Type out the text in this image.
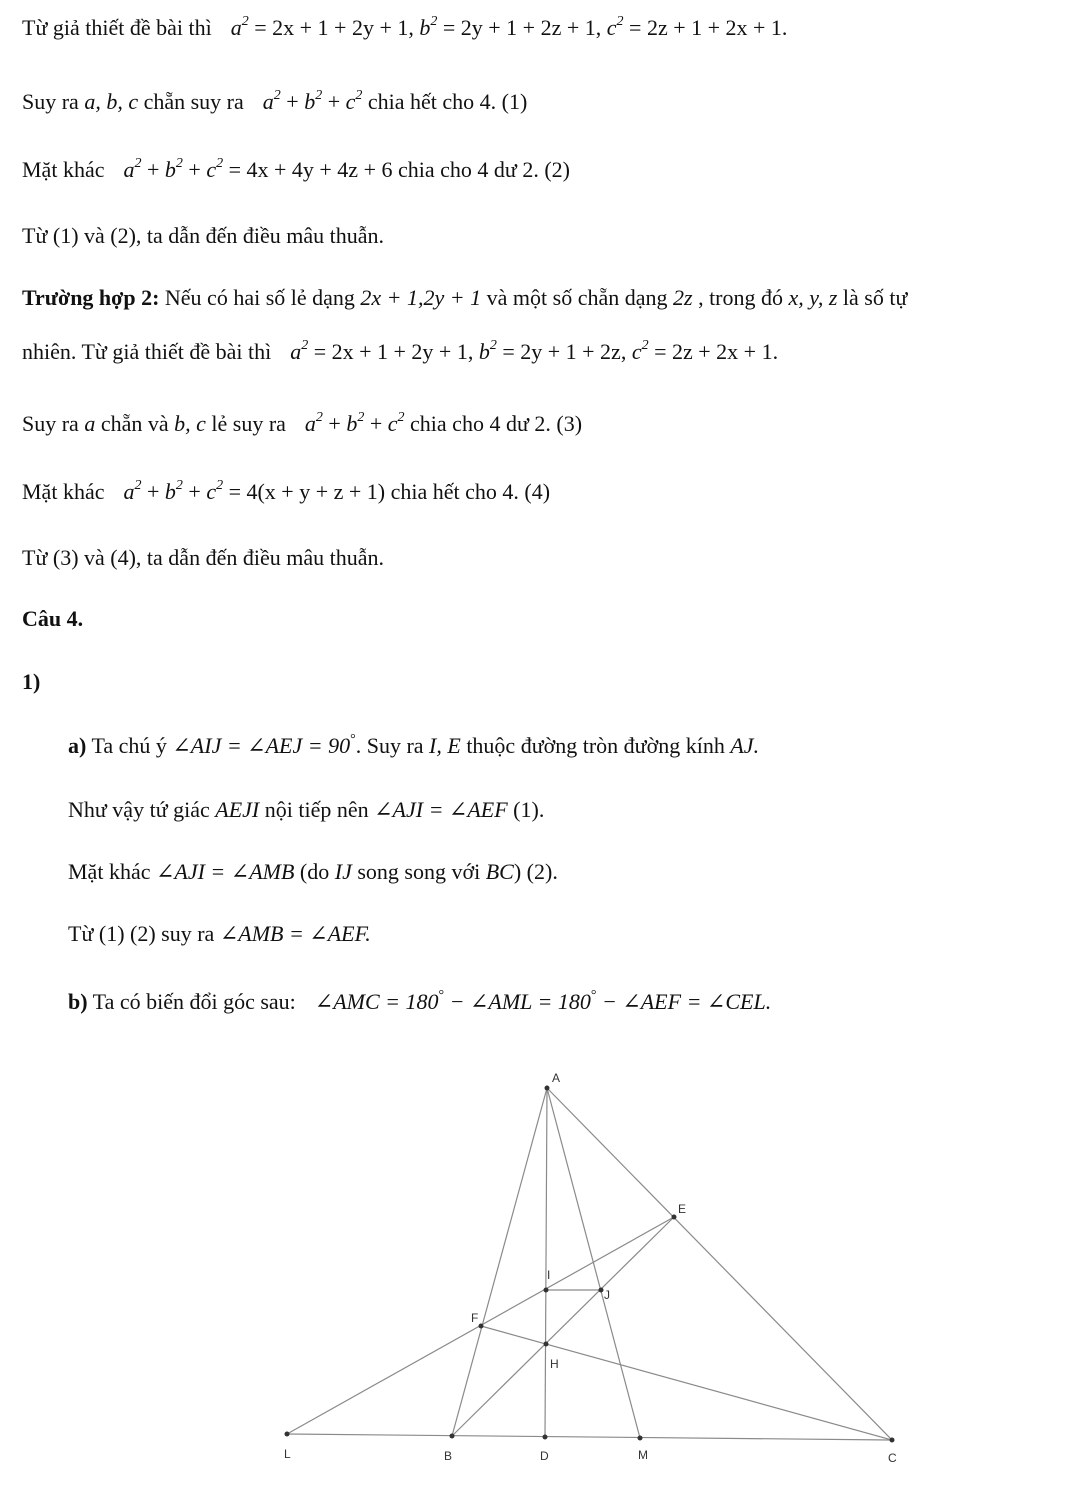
Từ giả thiết đề bài thì $a^2 = 2x + 1 + 2y + 1$, $b^2 = 2y + 1 + 2z + 1$, $c^2 = 2z + 1 + 2x + 1$.
Suy ra a, b, c chẵn suy ra $a^2 + b^2 + c^2$ chia hết cho 4. (1)
Mặt khác $a^2 + b^2 + c^2 = 4x + 4y + 4z + 6$ chia cho 4 dư 2. (2)
Từ (1) và (2), ta dẫn đến điều mâu thuẫn.
Trường hợp 2: Nếu có hai số lẻ dạng 2x + 1,2y + 1 và một số chẵn dạng 2z , trong đó x, y, z là số tự
nhiên. Từ giả thiết đề bài thì $a^2 = 2x + 1 + 2y + 1$, $b^2 = 2y + 1 + 2z$, $c^2 = 2z + 2x + 1$.
Suy ra a chẵn và b, c lẻ suy ra $a^2 + b^2 + c^2$ chia cho 4 dư 2. (3)
Mặt khác $a^2 + b^2 + c^2 = 4(x + y + z + 1)$ chia hết cho 4. (4)
Từ (3) và (4), ta dẫn đến điều mâu thuẫn.
Câu 4.
1)
a) Ta chú ý ∠AIJ = ∠AEJ = 90°. Suy ra I, E thuộc đường tròn đường kính AJ.
Như vậy tứ giác AEJI nội tiếp nên ∠AJI = ∠AEF (1).
Mặt khác ∠AJI = ∠AMB (do IJ song song với BC) (2).
Từ (1) (2) suy ra ∠AMB = ∠AEF.
b) Ta có biến đổi góc sau: ∠AMC = 180° − ∠AML = 180° − ∠AEF = ∠CEL.
A
E
I
J
F
H
L	B	D	M	C
